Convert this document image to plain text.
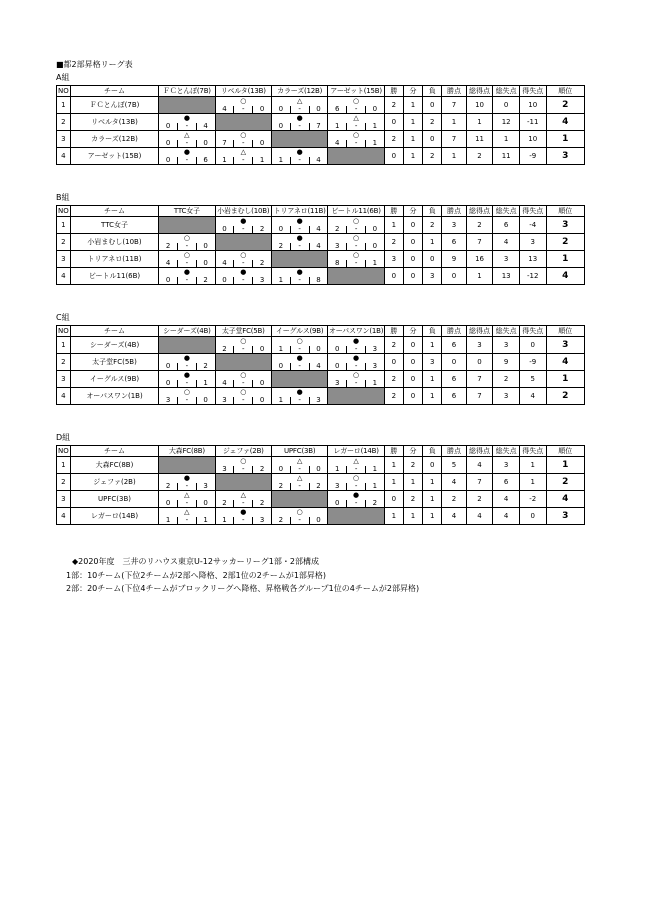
■都2部昇格リーグ表
A組
NO	チーム	ＦＣとんぼ(7B)	リベルタ(13B)	カラーズ(12B)	アーゼット(15B)	勝	分	負	勝点	総得点	総失点	得失点	順位
1	ＦＣとんぼ(7B)		○	△	○	2	1	0	7	10	0	10	2

			4 - 0	0 - 0	6 - 0								

2	リベルタ(13B)	●		●	△	0	1	2	1	1	12	-11	4

		0 - 4		0 - 7	1 - 1								

3	カラーズ(12B)	△	○		○	2	1	0	7	11	1	10	1

		0 - 0	7 - 0		4 - 1								

4	アーゼット(15B)	●	△	●		0	1	2	1	2	11	-9	3

		0 - 6	1 - 1	1 - 4									

B組
NO	チーム	TTC女子	小岩まむし(10B)	トリアネロ(11B)	ビートル11(6B)	勝	分	負	勝点	総得点	総失点	得失点	順位
1	TTC女子		●	●	○	1	0	2	3	2	6	-4	3

			0 - 2	0 - 4	2 - 0								

2	小岩まむし(10B)	○		●	○	2	0	1	6	7	4	3	2

		2 - 0		2 - 4	3 - 0								

3	トリアネロ(11B)	○	○		○	3	0	0	9	16	3	13	1

		4 - 0	4 - 2		8 - 1								

4	ビートル11(6B)	●	●	●		0	0	3	0	1	13	-12	4

		0 - 2	0 - 3	1 - 8									

C組
NO	チーム	シーダーズ(4B)	太子堂FC(5B)	イーグルス(9B)	オーパスワン(1B)	勝	分	負	勝点	総得点	総失点	得失点	順位
1	シーダーズ(4B)		○	○	●	2	0	1	6	3	3	0	3

			2 - 0	1 - 0	0 - 3								

2	太子堂FC(5B)	●		●	●	0	0	3	0	0	9	-9	4

		0 - 2		0 - 4	0 - 3								

3	イーグルス(9B)	●	○		○	2	0	1	6	7	2	5	1

		0 - 1	4 - 0		3 - 1								

4	オーパスワン(1B)	○	○	●		2	0	1	6	7	3	4	2

		3 - 0	3 - 0	1 - 3									

D組
NO	チーム	大森FC(8B)	ジェファ(2B)	UPFC(3B)	レガーロ(14B)	勝	分	負	勝点	総得点	総失点	得失点	順位
1	大森FC(8B)		○	△	△	1	2	0	5	4	3	1	1

			3 - 2	0 - 0	1 - 1								

2	ジェファ(2B)	●		△	○	1	1	1	4	7	6	1	2

		2 - 3		2 - 2	3 - 1								

3	UPFC(3B)	△	△		●	0	2	1	2	2	4	-2	4

		0 - 0	2 - 2		0 - 2								

4	レガーロ(14B)	△	●	○		1	1	1	4	4	4	0	3

		1 - 1	1 - 3	2 - 0									

◆2020年度　三井のリハウス東京U-12サッカーリーグ1部・2部構成
1部：10チーム(下位2チームが2部へ降格、2部1位の2チームが1部昇格)
2部：20チーム(下位4チームがブロックリーグへ降格、昇格戦各グループ1位の4チームが2部昇格)
